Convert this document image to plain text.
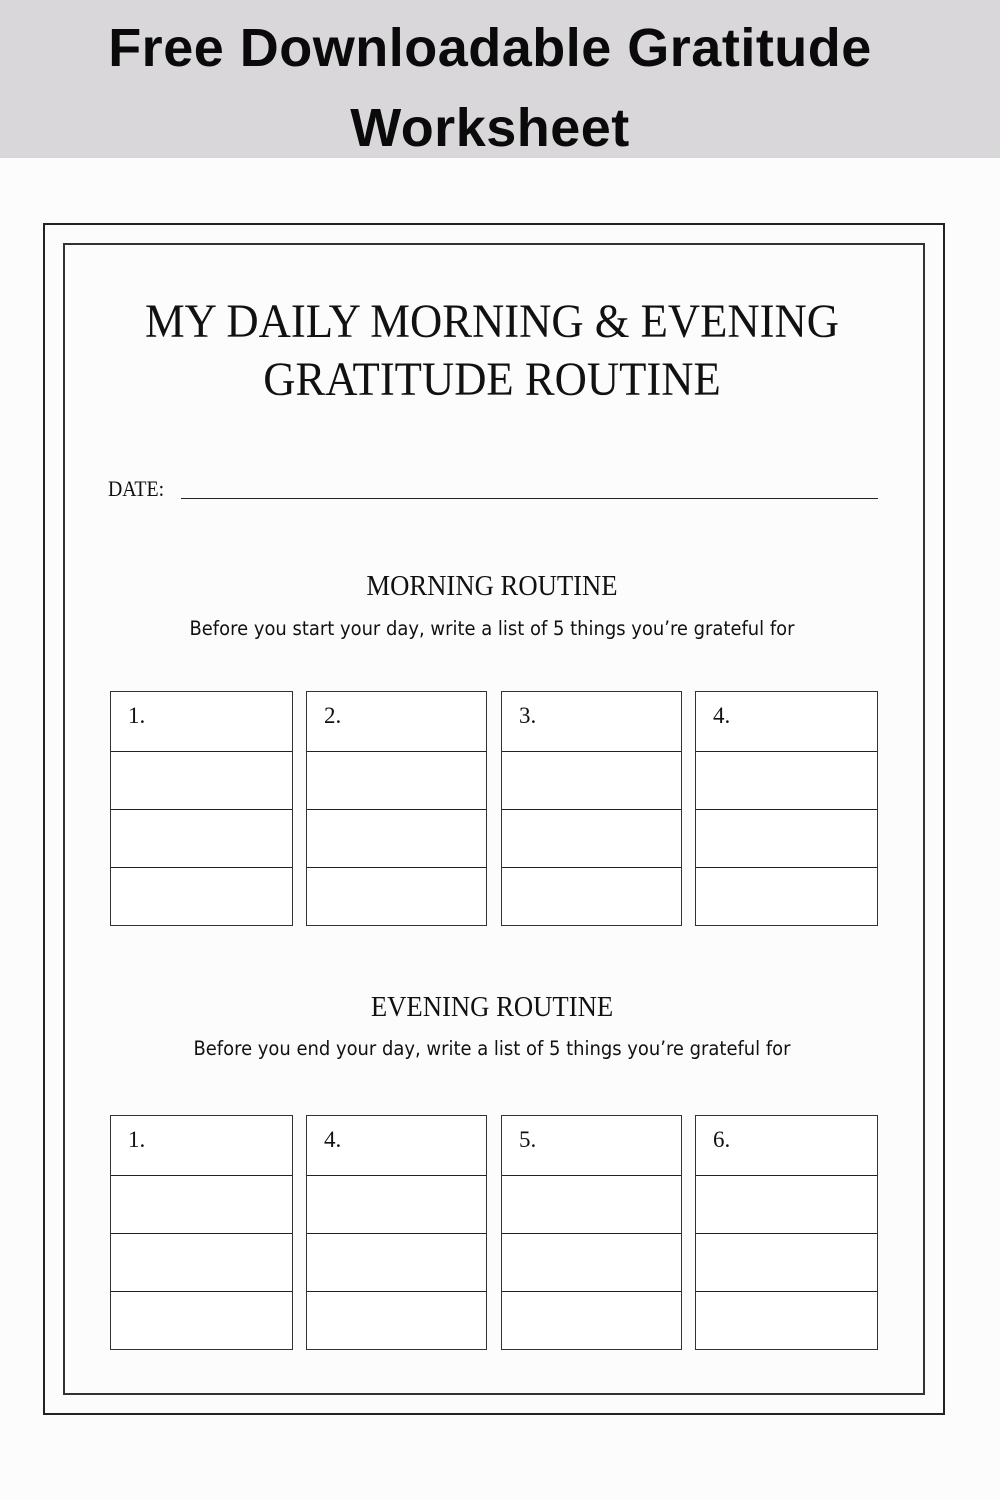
Free Downloadable Gratitude Worksheet
MY DAILY MORNING & EVENING
GRATITUDE ROUTINE
DATE:
MORNING ROUTINE
Before you start your day, write a list of 5 things you’re grateful for
1.	2.	3.	4.
EVENING ROUTINE
Before you end your day, write a list of 5 things you’re grateful for
1.	4.	5.	6.
